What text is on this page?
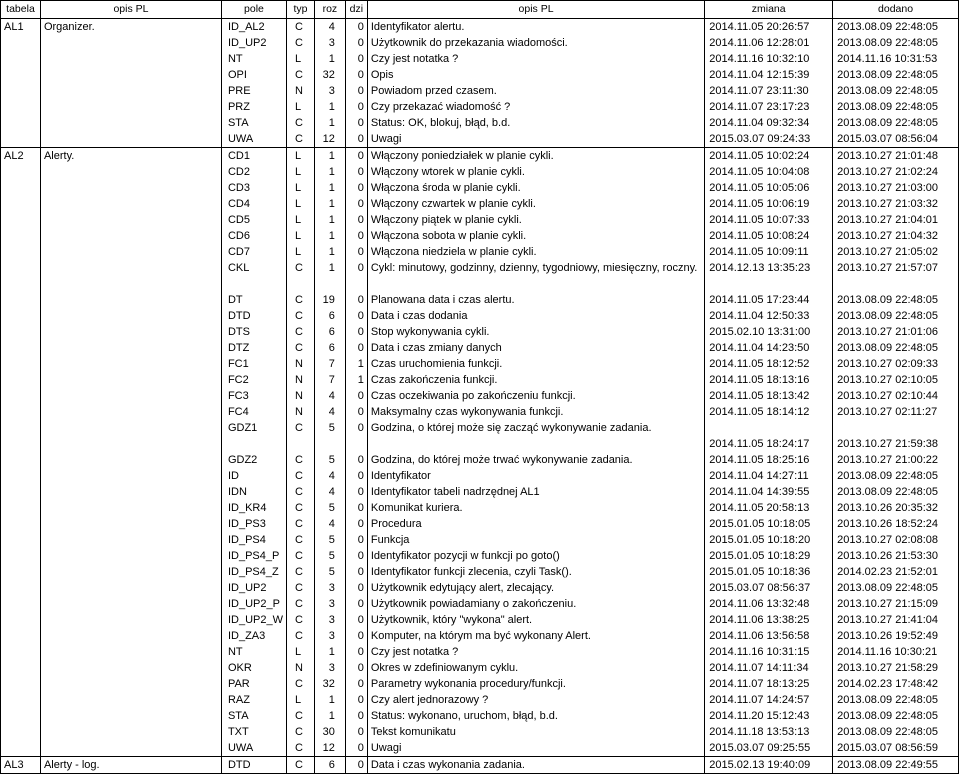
tabela	opis PL	pole	typ	roz	dzi	opis PL	zmiana	dodano
AL1	Organizer.	ID_AL2	C	4	0	Identyfikator alertu.	2014.11.05 20:26:57	2013.08.09 22:48:05
		ID_UP2	C	3	0	Użytkownik do przekazania wiadomości.	2014.11.06 12:28:01	2013.08.09 22:48:05
		NT	L	1	0	Czy jest notatka ?	2014.11.16 10:32:10	2014.11.16 10:31:53
		OPI	C	32	0	Opis	2014.11.04 12:15:39	2013.08.09 22:48:05
		PRE	N	3	0	Powiadom przed czasem.	2014.11.07 23:11:30	2013.08.09 22:48:05
		PRZ	L	1	0	Czy przekazać wiadomość ?	2014.11.07 23:17:23	2013.08.09 22:48:05
		STA	C	1	0	Status: OK, blokuj, błąd, b.d.	2014.11.04 09:32:34	2013.08.09 22:48:05
		UWA	C	12	0	Uwagi	2015.03.07 09:24:33	2015.03.07 08:56:04
AL2	Alerty.	CD1	L	1	0	Włączony poniedziałek w planie cykli.	2014.11.05 10:02:24	2013.10.27 21:01:48
		CD2	L	1	0	Włączony wtorek w planie cykli.	2014.11.05 10:04:08	2013.10.27 21:02:24
		CD3	L	1	0	Włączona środa w planie cykli.	2014.11.05 10:05:06	2013.10.27 21:03:00
		CD4	L	1	0	Włączony czwartek w planie cykli.	2014.11.05 10:06:19	2013.10.27 21:03:32
		CD5	L	1	0	Włączony piątek w planie cykli.	2014.11.05 10:07:33	2013.10.27 21:04:01
		CD6	L	1	0	Włączona sobota w planie cykli.	2014.11.05 10:08:24	2013.10.27 21:04:32
		CD7	L	1	0	Włączona niedziela w planie cykli.	2014.11.05 10:09:11	2013.10.27 21:05:02
		CKL	C	1	0	Cykl: minutowy, godzinny, dzienny, tygodniowy, miesięczny, roczny.	2014.12.13 13:35:23	2013.10.27 21:57:07
		DT	C	19	0	Planowana data i czas alertu.	2014.11.05 17:23:44	2013.08.09 22:48:05
		DTD	C	6	0	Data i czas dodania	2014.11.04 12:50:33	2013.08.09 22:48:05
		DTS	C	6	0	Stop wykonywania cykli.	2015.02.10 13:31:00	2013.10.27 21:01:06
		DTZ	C	6	0	Data i czas zmiany danych	2014.11.04 14:23:50	2013.08.09 22:48:05
		FC1	N	7	1	Czas uruchomienia funkcji.	2014.11.05 18:12:52	2013.10.27 02:09:33
		FC2	N	7	1	Czas zakończenia funkcji.	2014.11.05 18:13:16	2013.10.27 02:10:05
		FC3	N	4	0	Czas oczekiwania po zakończeniu funkcji.	2014.11.05 18:13:42	2013.10.27 02:10:44
		FC4	N	4	0	Maksymalny czas wykonywania funkcji.	2014.11.05 18:14:12	2013.10.27 02:11:27
		GDZ1	C	5	0	Godzina, o której może się zacząć wykonywanie zadania.	2014.11.05 18:24:17	2013.10.27 21:59:38
		GDZ2	C	5	0	Godzina, do której może trwać wykonywanie zadania.	2014.11.05 18:25:16	2013.10.27 21:00:22
		ID	C	4	0	Identyfikator	2014.11.04 14:27:11	2013.08.09 22:48:05
		IDN	C	4	0	Identyfikator tabeli nadrzędnej AL1	2014.11.04 14:39:55	2013.08.09 22:48:05
		ID_KR4	C	5	0	Komunikat kuriera.	2014.11.05 20:58:13	2013.10.26 20:35:32
		ID_PS3	C	4	0	Procedura	2015.01.05 10:18:05	2013.10.26 18:52:24
		ID_PS4	C	5	0	Funkcja	2015.01.05 10:18:20	2013.10.27 02:08:08
		ID_PS4_P	C	5	0	Identyfikator pozycji w funkcji po goto()	2015.01.05 10:18:29	2013.10.26 21:53:30
		ID_PS4_Z	C	5	0	Identyfikator funkcji zlecenia, czyli Task().	2015.01.05 10:18:36	2014.02.23 21:52:01
		ID_UP2	C	3	0	Użytkownik edytujący alert, zlecający.	2015.03.07 08:56:37	2013.08.09 22:48:05
		ID_UP2_P	C	3	0	Użytkownik powiadamiany o zakończeniu.	2014.11.06 13:32:48	2013.10.27 21:15:09
		ID_UP2_W	C	3	0	Użytkownik, który "wykona" alert.	2014.11.06 13:38:25	2013.10.27 21:41:04
		ID_ZA3	C	3	0	Komputer, na którym ma być wykonany Alert.	2014.11.06 13:56:58	2013.10.26 19:52:49
		NT	L	1	0	Czy jest notatka ?	2014.11.16 10:31:15	2014.11.16 10:30:21
		OKR	N	3	0	Okres w zdefiniowanym cyklu.	2014.11.07 14:11:34	2013.10.27 21:58:29
		PAR	C	32	0	Parametry wykonania procedury/funkcji.	2014.11.07 18:13:25	2014.02.23 17:48:42
		RAZ	L	1	0	Czy alert jednorazowy ?	2014.11.07 14:24:57	2013.08.09 22:48:05
		STA	C	1	0	Status: wykonano, uruchom, błąd, b.d.	2014.11.20 15:12:43	2013.08.09 22:48:05
		TXT	C	30	0	Tekst komunikatu	2014.11.18 13:53:13	2013.08.09 22:48:05
		UWA	C	12	0	Uwagi	2015.03.07 09:25:55	2015.03.07 08:56:59
AL3	Alerty - log.	DTD	C	6	0	Data i czas wykonania zadania.	2015.02.13 19:40:09	2013.08.09 22:49:55
